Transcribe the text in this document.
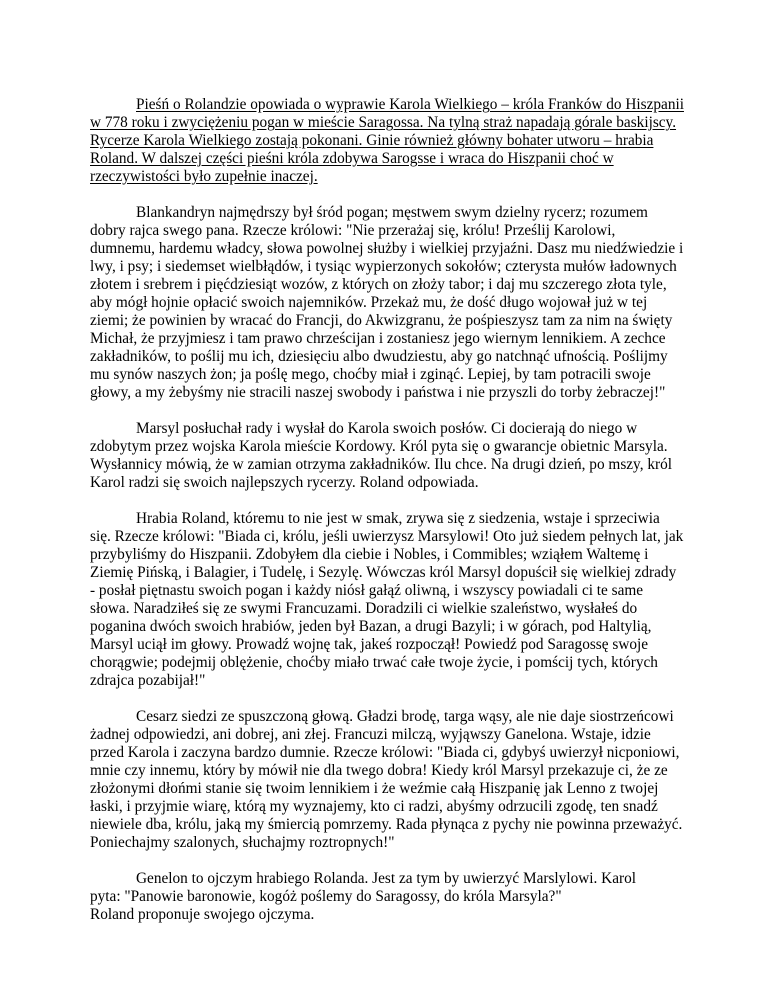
Pieśń o Rolandzie opowiada o wyprawie Karola Wielkiego – króla Franków do Hiszpanii w 778 roku i zwycięż‌eniu pogan w mieście Saragossa. Na tylną straż napadają górale baskijscy. Rycerze Karola Wielkiego zostają pokonani. Ginie również główny bohater utworu – hrabia Roland. W dalszej części pieśni króla zdobywa Sarogsse i wraca do Hiszpanii choć w rzeczywistości było zupełnie inaczej.

Blankandryn najmędrszy był śród pogan; męstwem swym dzielny rycerz; rozumem dobry rajca swego pana. Rzecze królowi: "Nie przerażaj się, królu! Prześlij Karolowi, dumnemu, hardemu władcy, słowa powolnej służby i wielkiej przyjaźni. Dasz mu niedźwiedzie i lwy, i psy; i siedemset wielbłądów, i tysiąc wypierzonych sokołów; czterysta mułów ładownych złotem i srebrem i pięćdziesiąt wozów, z których on złoży tabor; i daj mu szczerego złota tyle, aby mógł hojnie opłacić swoich najemników. Przekaż mu, że dość długo wojował już w tej ziemi; że powinien by wracać do Francji, do Akwizgranu, że pośpieszysz tam za nim na święty Michał, że przyjmiesz i tam prawo chrześcijan i zostaniesz jego wiernym lennikiem. A zechce zakładników, to poślij mu ich, dziesięciu albo dwudziestu, aby go natchnąć ufnością. Poślijmy mu synów naszych żon; ja poślę mego, choćby miał i zginąć. Lepiej, by tam potracili swoje głowy, a my żebyśmy nie stracili naszej swobody i państwa i nie przyszli do torby żebraczej!"

Marsyl posłuchał rady i wysłał do Karola swoich posłów. Ci docierają do niego w zdobytym przez wojska Karola mieście Kordowy. Król pyta się o gwarancje obietnic Marsyla. Wysłannicy mówią, że w zamian otrzyma zakładników. Ilu chce. Na drugi dzień, po mszy, król Karol radzi się swoich najlepszych rycerzy. Roland odpowiada.

Hrabia Roland, któremu to nie jest w smak, zrywa się z siedzenia, wstaje i sprzeciwia się. Rzecze królowi: "Biada ci, królu, jeśli uwierzysz Marsylowi! Oto już siedem pełnych lat, jak przybyliśmy do Hiszpanii. Zdobyłem dla ciebie i Nobles, i Commibles; wziąłem Waltemę i Ziemię Pińską, i Balagier, i Tudelę, i Sezylę. Wówczas król Marsyl dopuścił się wielkiej zdrady - posłał piętnastu swoich pogan i każdy niósł gałąź oliwną, i wszyscy powiadali ci te same słowa. Naradziłeś się ze swymi Francuzami. Doradzili ci wielkie szaleństwo, wysłałeś do poganina dwóch swoich hrabiów, jeden był Bazan, a drugi Bazyli; i w górach, pod Haltylią, Marsyl uciął im głowy. Prowadź wojnę tak, jakeś rozpoczął! Powiedź pod Saragossę swoje chorągwie; podejmij oblężenie, choćby miało trwać całe twoje życie, i pomścij tych, których zdrajca pozabijał!"

Cesarz siedzi ze spuszczoną głową. Gładzi brodę, targa wąsy, ale nie daje siostrzeńcowi żadnej odpowiedzi, ani dobrej, ani złej. Francuzi milczą, wyjąwszy Ganelona. Wstaje, idzie przed Karola i zaczyna bardzo dumnie. Rzecze królowi: "Biada ci, gdybyś uwierzył nicponiowi, mnie czy innemu, który by mówił nie dla twego dobra! Kiedy król Marsyl przekazuje ci, że ze złożonymi dłońmi stanie się twoim lennikiem i że weźmie całą Hiszpanię jak Lenno z twojej łaski, i przyjmie wiarę, którą my wyznajemy, kto ci radzi, abyśmy odrzucili zgodę, ten snadź niewiele dba, królu, jaką my śmiercią pomrzemy. Rada płynąca z pychy nie powinna przeważyć. Poniechajmy szalonych, słuchajmy roztropnych!"

Genelon to ojczym hrabiego Rolanda. Jest za tym by uwierzyć Marslylowi. Karol
pyta: "Panowie baronowie, kogóż poślemy do Saragossy, do króla Marsyla?"
Roland proponuje swojego ojczyma.
